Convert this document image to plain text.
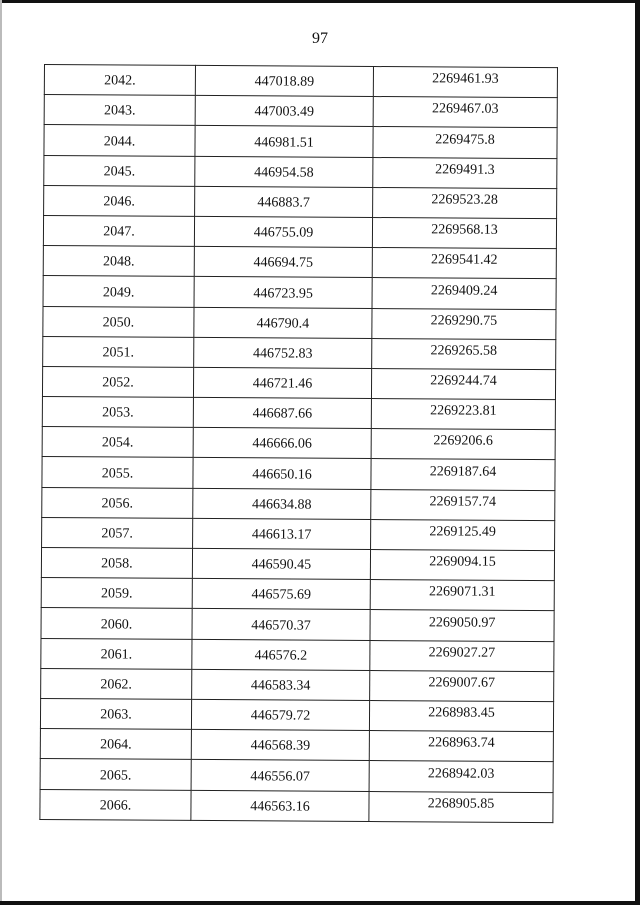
97
2042.	447018.89	2269461.93
2043.	447003.49	2269467.03
2044.	446981.51	2269475.8
2045.	446954.58	2269491.3
2046.	446883.7	2269523.28
2047.	446755.09	2269568.13
2048.	446694.75	2269541.42
2049.	446723.95	2269409.24
2050.	446790.4	2269290.75
2051.	446752.83	2269265.58
2052.	446721.46	2269244.74
2053.	446687.66	2269223.81
2054.	446666.06	2269206.6
2055.	446650.16	2269187.64
2056.	446634.88	2269157.74
2057.	446613.17	2269125.49
2058.	446590.45	2269094.15
2059.	446575.69	2269071.31
2060.	446570.37	2269050.97
2061.	446576.2	2269027.27
2062.	446583.34	2269007.67
2063.	446579.72	2268983.45
2064.	446568.39	2268963.74
2065.	446556.07	2268942.03
2066.	446563.16	2268905.85
